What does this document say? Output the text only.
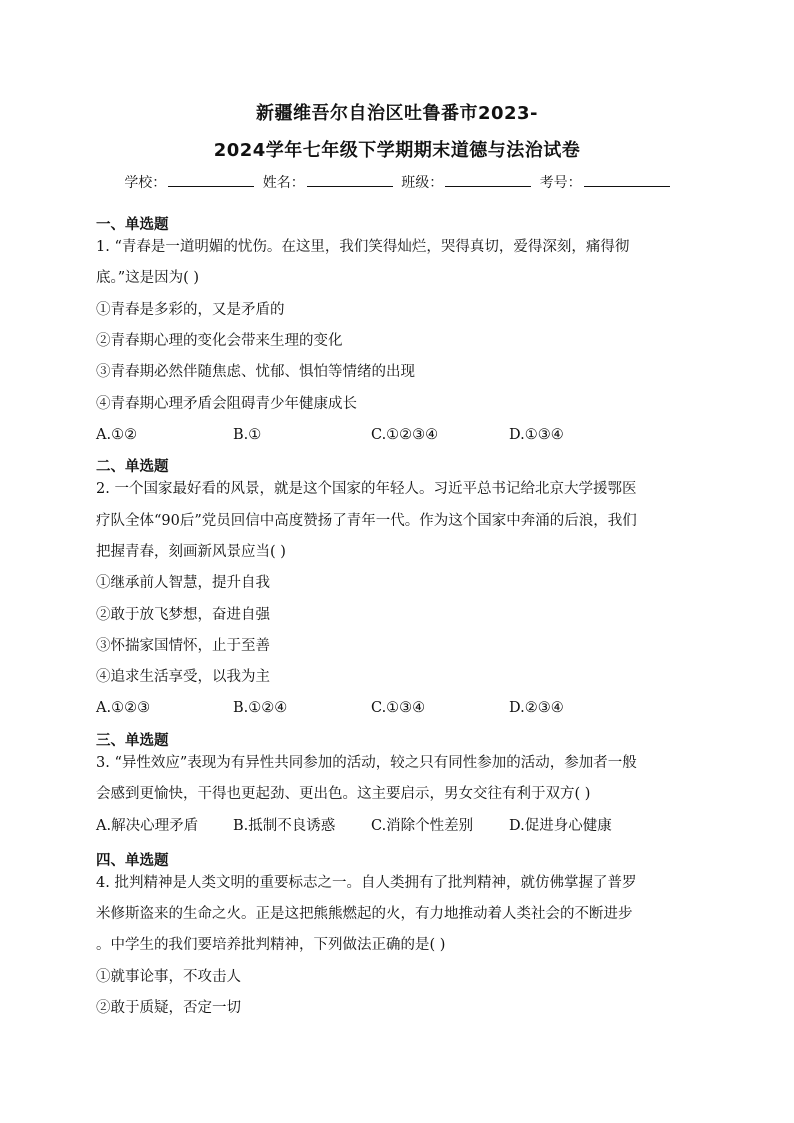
新疆维吾尔自治区吐鲁番市2023-
2024学年七年级下学期期末道德与法治试卷
学校：	姓名：	班级：	考号：
一、单选题
1. “青春是一道明媚的忧伤。在这里，我们笑得灿烂，哭得真切，爱得深刻，痛得彻
底。”这是因为( )
①青春是多彩的，又是矛盾的
②青春期心理的变化会带来生理的变化
③青春期必然伴随焦虑、忧郁、惧怕等情绪的出现
④青春期心理矛盾会阻碍青少年健康成长
A.①②	B.①	C.①②③④	D.①③④
二、单选题
2. 一个国家最好看的风景，就是这个国家的年轻人。习近平总书记给北京大学援鄂医
疗队全体“90后”党员回信中高度赞扬了青年一代。作为这个国家中奔涌的后浪，我们
把握青春，刻画新风景应当( )
①继承前人智慧，提升自我
②敢于放飞梦想，奋进自强
③怀揣家国情怀，止于至善
④追求生活享受，以我为主
A.①②③	B.①②④	C.①③④	D.②③④
三、单选题
3. “异性效应”表现为有异性共同参加的活动，较之只有同性参加的活动，参加者一般
会感到更愉快，干得也更起劲、更出色。这主要启示，男女交往有利于双方( )
A.解决心理矛盾 B.抵制不良诱惑 C.消除个性差别 D.促进身心健康
四、单选题
4. 批判精神是人类文明的重要标志之一。自人类拥有了批判精神，就仿佛掌握了普罗
米修斯盗来的生命之火。正是这把熊熊燃起的火，有力地推动着人类社会的不断进步
。中学生的我们要培养批判精神，下列做法正确的是( )
①就事论事，不攻击人
②敢于质疑，否定一切
